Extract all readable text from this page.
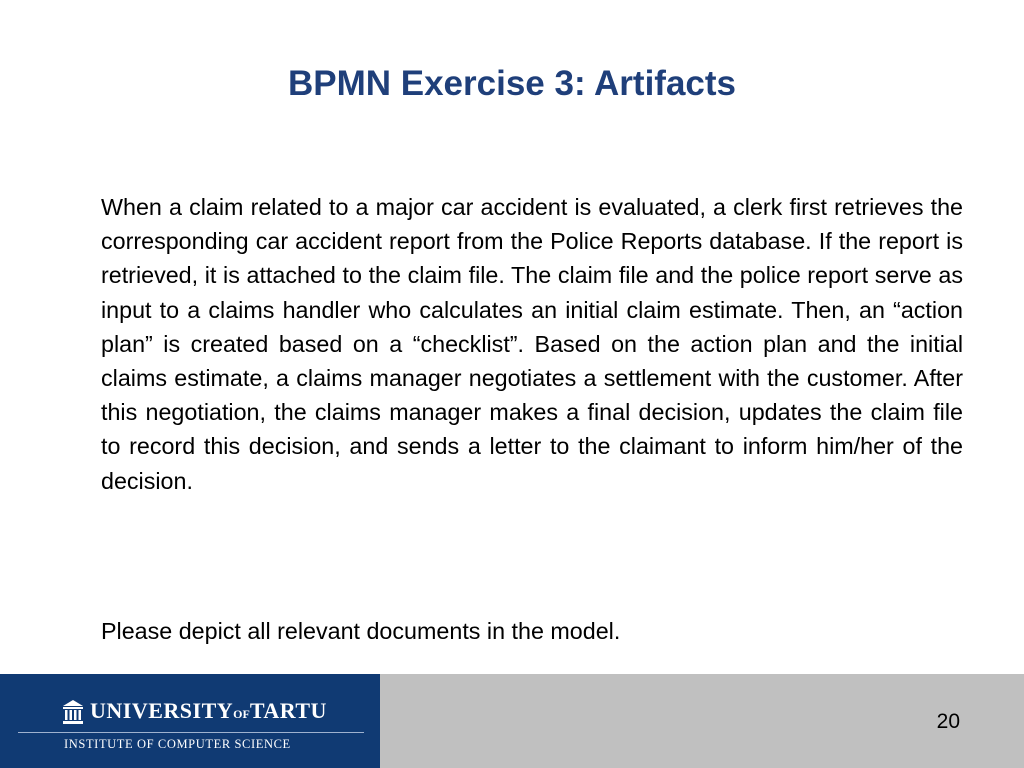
BPMN Exercise 3: Artifacts

When a claim related to a major car accident is evaluated, a clerk first retrieves the corresponding car accident report from the Police Reports database. If the report is retrieved, it is attached to the claim file. The claim file and the police report serve as input to a claims handler who calculates an initial claim estimate. Then, an “action plan” is created based on a “checklist”. Based on the action plan and the initial claims estimate, a claims manager negotiates a settlement with the customer. After this negotiation, the claims manager makes a final decision, updates the claim file to record this decision, and sends a letter to the claimant to inform him/her of the decision.

Please depict all relevant documents in the model.

UNIVERSITYOFTARTU
INSTITUTE OF COMPUTER SCIENCE
20
